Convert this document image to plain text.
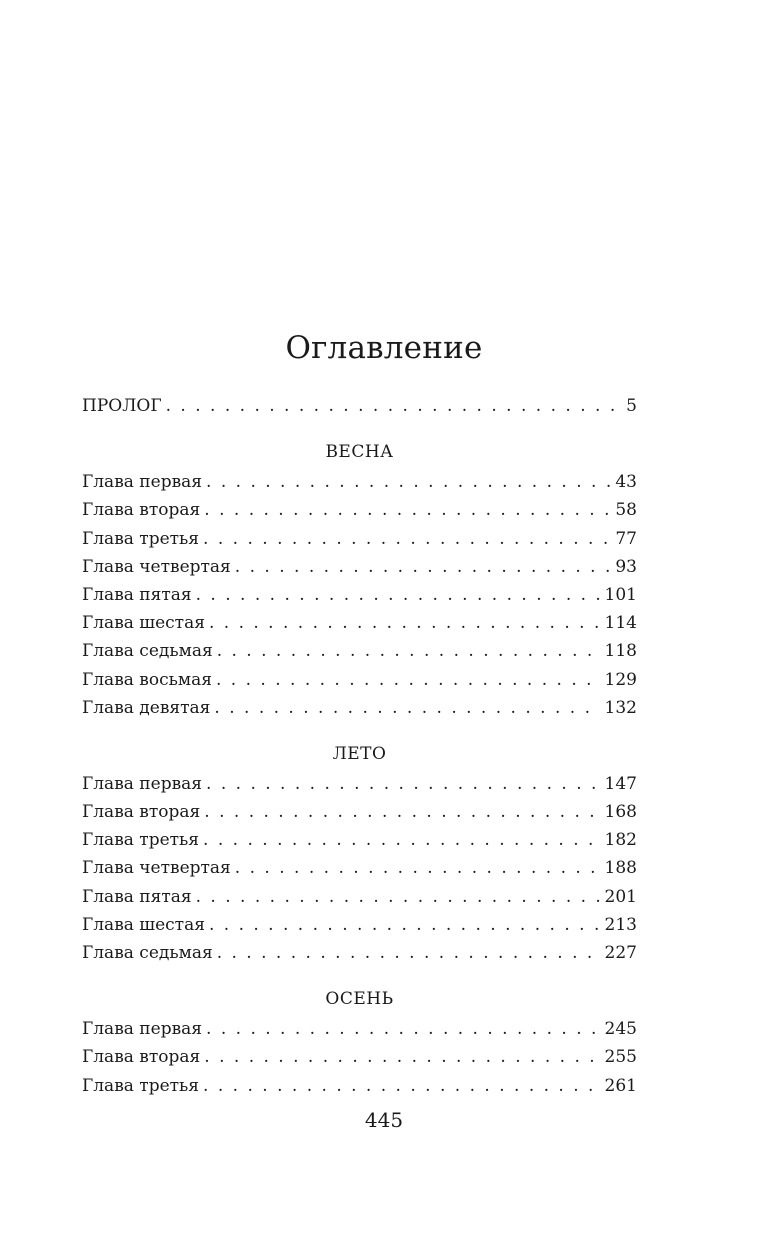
Оглавление
ПРОЛОГ . . .	5
ВЕСНА
Глава первая . . .	43
Глава вторая . . .	58
Глава третья . . .	77
Глава четвертая . . .	93
Глава пятая . . .	101
Глава шестая . . .	114
Глава седьмая . . .	118
Глава восьмая . . .	129
Глава девятая . . .	132
ЛЕТО
Глава первая . . .	147
Глава вторая . . .	168
Глава третья . . .	182
Глава четвертая . . .	188
Глава пятая . . .	201
Глава шестая . . .	213
Глава седьмая . . .	227
ОСЕНЬ
Глава первая . . .	245
Глава вторая . . .	255
Глава третья . . .	261
445
